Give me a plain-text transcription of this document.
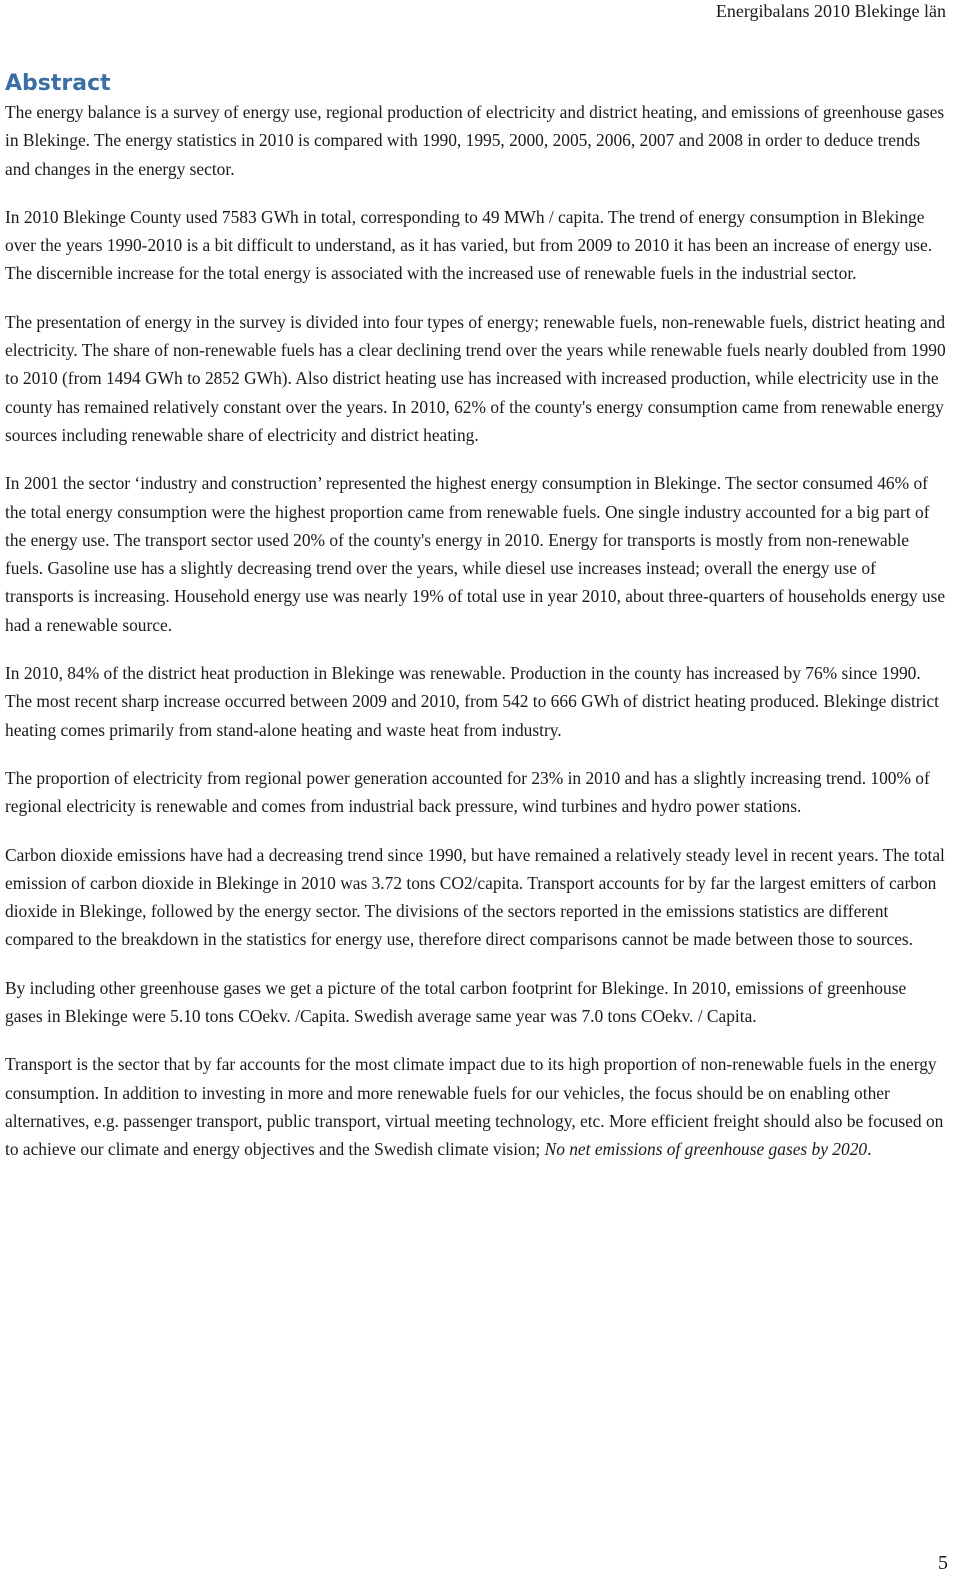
Energibalans 2010 Blekinge län
Abstract

The energy balance is a survey of energy use, regional production of electricity and district heating, and emissions of greenhouse gases in Blekinge. The energy statistics in 2010 is compared with 1990, 1995, 2000, 2005, 2006, 2007 and 2008 in order to deduce trends and changes in the energy sector.

In 2010 Blekinge County used 7583 GWh in total, corresponding to 49 MWh / capita. The trend of energy consumption in Blekinge over the years 1990-2010 is a bit difficult to understand, as it has varied, but from 2009 to 2010 it has been an increase of energy use. The discernible increase for the total energy is associated with the increased use of renewable fuels in the industrial sector.

The presentation of energy in the survey is divided into four types of energy; renewable fuels, non-renewable fuels, district heating and electricity. The share of non-renewable fuels has a clear declining trend over the years while renewable fuels nearly doubled from 1990 to 2010 (from 1494 GWh to 2852 GWh). Also district heating use has increased with increased production, while electricity use in the county has remained relatively constant over the years. In 2010, 62% of the county's energy consumption came from renewable energy sources including renewable share of electricity and district heating.

In 2001 the sector ‘industry and construction’ represented the highest energy consumption in Blekinge. The sector consumed 46% of the total energy consumption were the highest proportion came from renewable fuels. One single industry accounted for a big part of the energy use. The transport sector used 20% of the county's energy in 2010. Energy for transports is mostly from non-renewable fuels. Gasoline use has a slightly decreasing trend over the years, while diesel use increases instead; overall the energy use of transports is increasing. Household energy use was nearly 19% of total use in year 2010, about three-quarters of households energy use had a renewable source.

In 2010, 84% of the district heat production in Blekinge was renewable. Production in the county has increased by 76% since 1990. The most recent sharp increase occurred between 2009 and 2010, from 542 to 666 GWh of district heating produced. Blekinge district heating comes primarily from stand-alone heating and waste heat from industry.

The proportion of electricity from regional power generation accounted for 23% in 2010 and has a slightly increasing trend. 100% of regional electricity is renewable and comes from industrial back pressure, wind turbines and hydro power stations.

Carbon dioxide emissions have had a decreasing trend since 1990, but have remained a relatively steady level in recent years. The total emission of carbon dioxide in Blekinge in 2010 was 3.72 tons CO2/capita. Transport accounts for by far the largest emitters of carbon dioxide in Blekinge, followed by the energy sector. The divisions of the sectors reported in the emissions statistics are different compared to the breakdown in the statistics for energy use, therefore direct comparisons cannot be made between those to sources.

By including other greenhouse gases we get a picture of the total carbon footprint for Blekinge. In 2010, emissions of greenhouse gases in Blekinge were 5.10 tons COekv. /Capita. Swedish average same year was 7.0 tons COekv. / Capita.

Transport is the sector that by far accounts for the most climate impact due to its high proportion of non-renewable fuels in the energy consumption. In addition to investing in more and more renewable fuels for our vehicles, the focus should be on enabling other alternatives, e.g. passenger transport, public transport, virtual meeting technology, etc. More efficient freight should also be focused on to achieve our climate and energy objectives and the Swedish climate vision; No net emissions of greenhouse gases by 2020.

5
